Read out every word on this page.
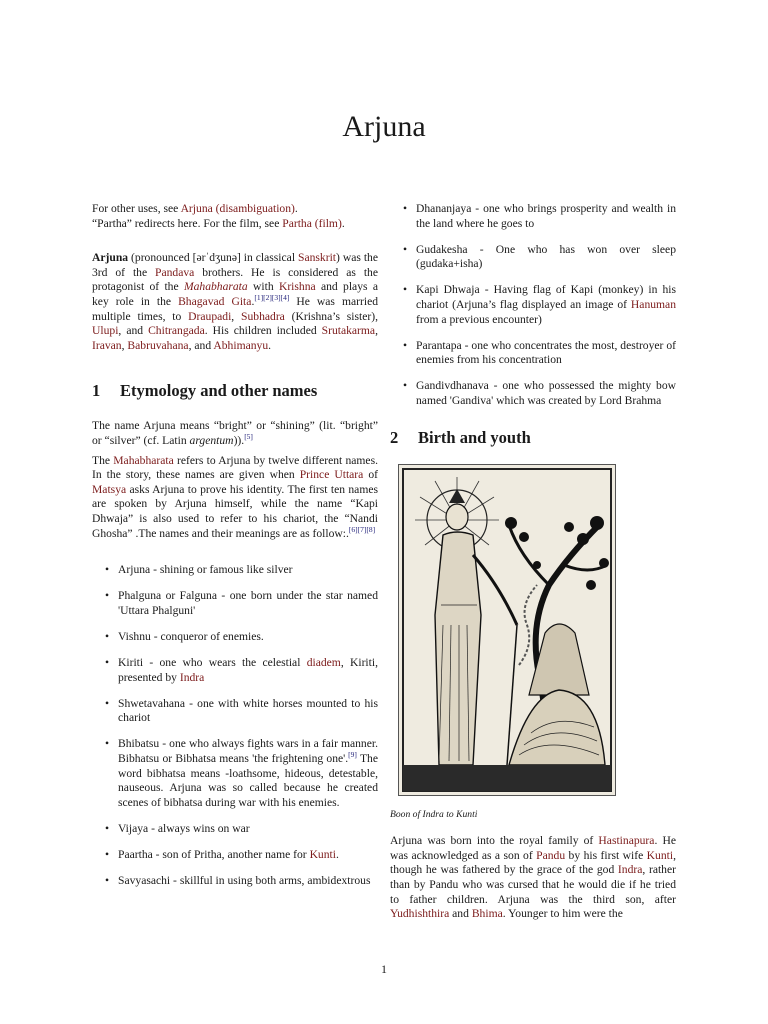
Arjuna

For other uses, see Arjuna (disambiguation).
“Partha” redirects here. For the film, see Partha (film).

Arjuna (pronounced [ərˈdʒunə] in classical Sanskrit) was the 3rd of the Pandava brothers. He is considered as the protagonist of the Mahabharata with Krishna and plays a key role in the Bhagavad Gita.[1][2][3][4] He was married multiple times, to Draupadi, Subhadra (Krishna’s sister), Ulupi, and Chitrangada. His children included Srutakarma, Iravan, Babruvahana, and Abhimanyu.

1 Etymology and other names

The name Arjuna means “bright” or “shining” (lit. “bright” or “silver” (cf. Latin argentum)).[5]

The Mahabharata refers to Arjuna by twelve different names. In the story, these names are given when Prince Uttara of Matsya asks Arjuna to prove his identity. The first ten names are spoken by Arjuna himself, while the name “Kapi Dhwaja” is also used to refer to his chariot, the “Nandi Ghosha” .The names and their meanings are as follow:.[6][7][8]

• Arjuna - shining or famous like silver
• Phalguna or Falguna - one born under the star named 'Uttara Phalguni'
• Vishnu - conqueror of enemies.
• Kiriti - one who wears the celestial diadem, Kiriti, presented by Indra
• Shwetavahana - one with white horses mounted to his chariot
• Bhibatsu - one who always fights wars in a fair manner. Bibhatsu or Bibhatsa means 'the frightening one'.[9] The word bibhatsa means -loathsome, hideous, detestable, nauseous. Arjuna was so called because he created scenes of bibhatsa during war with his enemies.
• Vijaya - always wins on war
• Paartha - son of Pritha, another name for Kunti.
• Savyasachi - skillful in using both arms, ambidextrous
• Dhananjaya - one who brings prosperity and wealth in the land where he goes to
• Gudakesha - One who has won over sleep (gudaka+isha)
• Kapi Dhwaja - Having flag of Kapi (monkey) in his chariot (Arjuna’s flag displayed an image of Hanuman from a previous encounter)
• Parantapa - one who concentrates the most, destroyer of enemies from his concentration
• Gandivdhanava - one who possessed the mighty bow named 'Gandiva' which was created by Lord Brahma
2 Birth and youth

Boon of Indra to Kunti

Arjuna was born into the royal family of Hastinapura. He was acknowledged as a son of Pandu by his first wife Kunti, though he was fathered by the grace of the god Indra, rather than by Pandu who was cursed that he would die if he tried to father children. Arjuna was the third son, after Yudhishthira and Bhima. Younger to him were the

1
